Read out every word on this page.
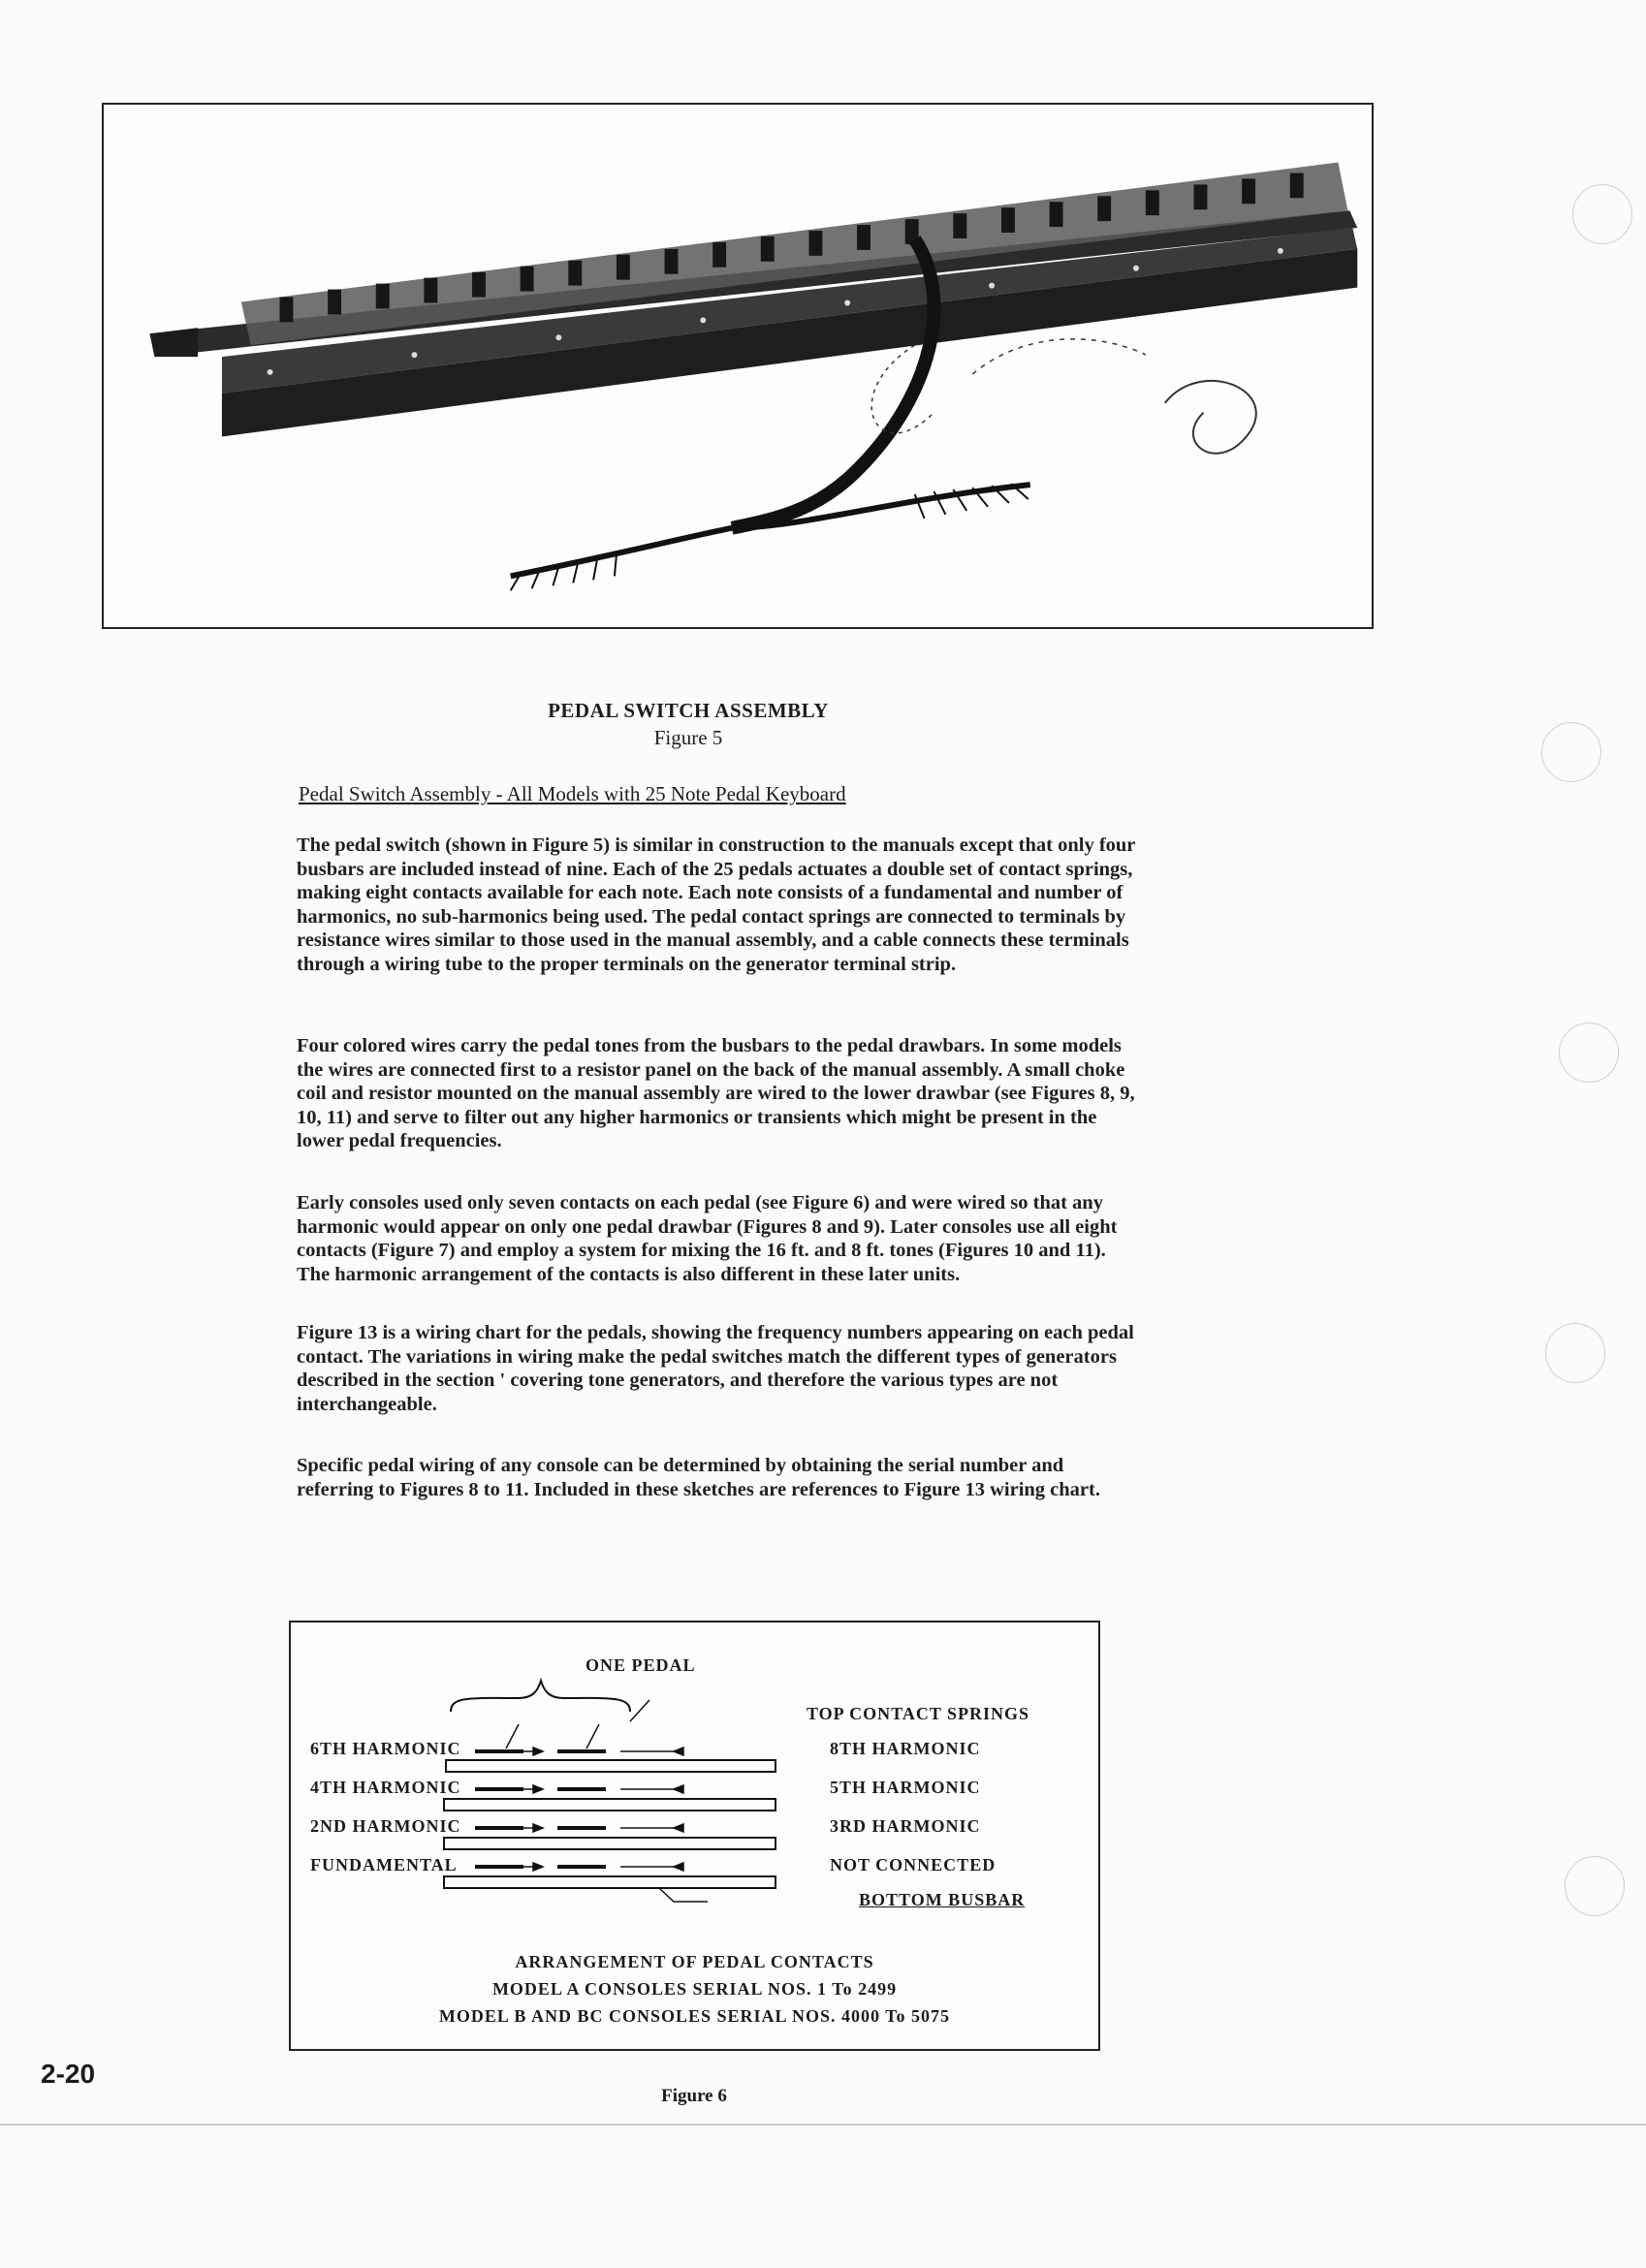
PEDAL SWITCH ASSEMBLY
Figure 5
Pedal Switch Assembly - All Models with 25 Note Pedal Keyboard

The pedal switch (shown in Figure 5) is similar in construction to the manuals except that only four busbars are included instead of nine. Each of the 25 pedals actuates a double set of contact springs, making eight contacts available for each note. Each note consists of a fundamental and number of harmonics, no sub-harmonics being used. The pedal contact springs are connected to terminals by resistance wires similar to those used in the manual assembly, and a cable connects these terminals through a wiring tube to the proper terminals on the generator terminal strip.

Four colored wires carry the pedal tones from the busbars to the pedal drawbars. In some models the wires are connected first to a resistor panel on the back of the manual assembly. A small choke coil and resistor mounted on the manual assembly are wired to the lower drawbar (see Figures 8, 9, 10, 11) and serve to filter out any higher harmonics or transients which might be present in the lower pedal frequencies.

Early consoles used only seven contacts on each pedal (see Figure 6) and were wired so that any harmonic would appear on only one pedal drawbar (Figures 8 and 9). Later consoles use all eight contacts (Figure 7) and employ a system for mixing the 16 ft. and 8 ft. tones (Figures 10 and 11). The harmonic arrangement of the contacts is also different in these later units.

Figure 13 is a wiring chart for the pedals, showing the frequency numbers appearing on each pedal contact. The variations in wiring make the pedal switches match the different types of generators described in the section ' covering tone generators, and therefore the various types are not interchangeable.

Specific pedal wiring of any console can be determined by obtaining the serial number and referring to Figures 8 to 11. Included in these sketches are references to Figure 13 wiring chart.

ONE PEDAL
TOP CONTACT SPRINGS
6TH HARMONIC
4TH HARMONIC
2ND HARMONIC
FUNDAMENTAL
8TH HARMONIC
5TH HARMONIC
3RD HARMONIC
NOT CONNECTED
BOTTOM BUSBAR
ARRANGEMENT OF PEDAL CONTACTS
MODEL A CONSOLES SERIAL NOS. 1 To 2499
MODEL B AND BC CONSOLES SERIAL NOS. 4000 To 5075
2-20
Figure 6
